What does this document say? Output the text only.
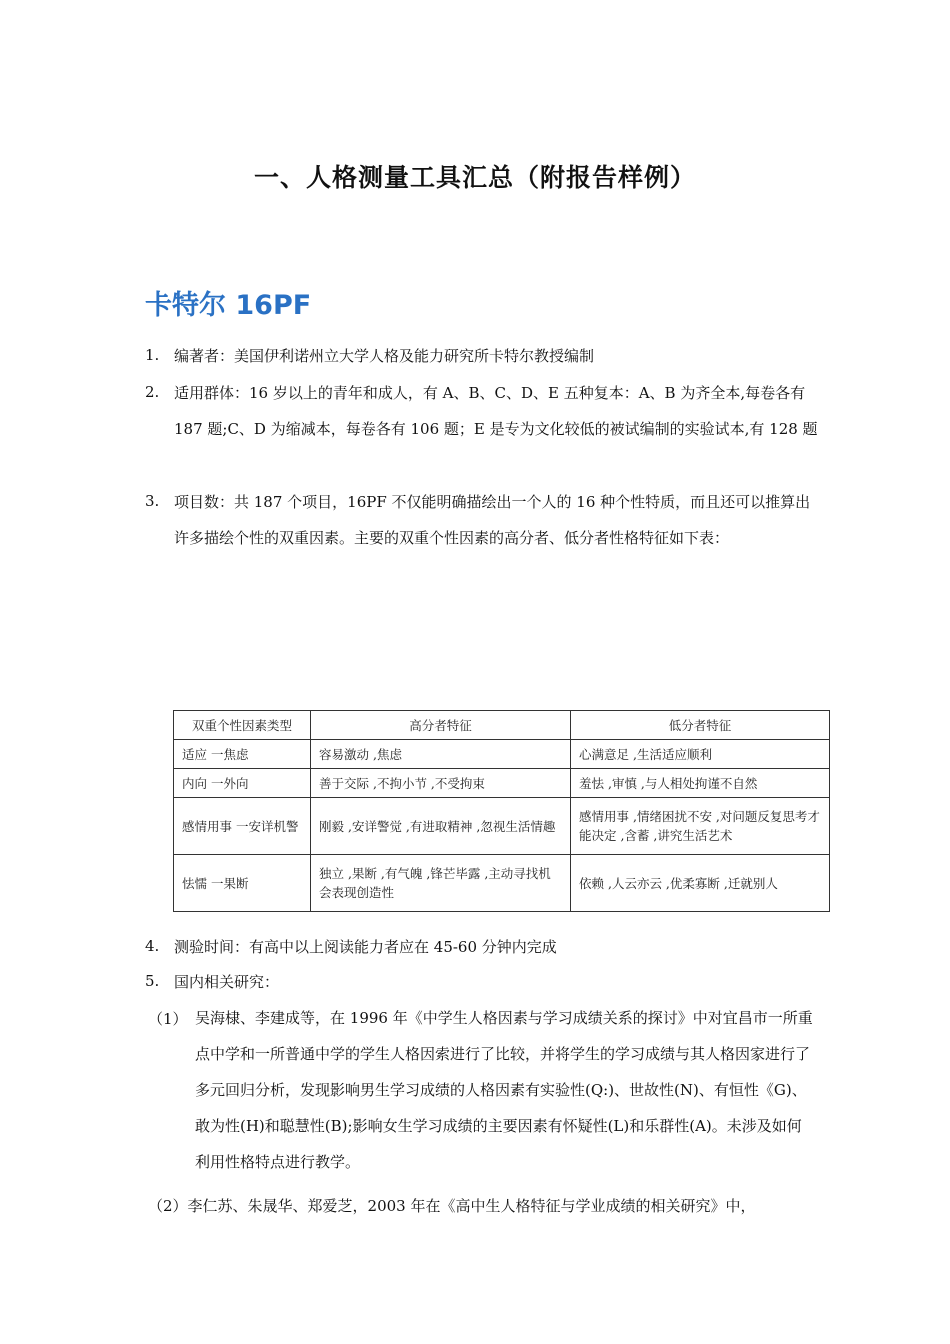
一、人格测量工具汇总（附报告样例）
卡特尔 16PF
1. 编著者：美国伊利诺州立大学人格及能力研究所卡特尔教授编制
2. 适用群体：16 岁以上的青年和成人，有 A、B、C、D、E 五种复本：A、B 为齐全本,每卷各有 187 题;C、D 为缩减本，每卷各有 106 题；E 是专为文化较低的被试编制的实验试本,有 128 题
3. 项目数：共 187 个项目，16PF 不仅能明确描绘出一个人的 16 种个性特质，而且还可以推算出许多描绘个性的双重因素。主要的双重个性因素的高分者、低分者性格特征如下表：
双重个性因素类型	高分者特征	低分者特征
适应 一焦虑	容易激动 ,焦虑	心满意足 ,生活适应顺利
内向 一外向	善于交际 ,不拘小节 ,不受拘束	羞怯 ,审慎 ,与人相处拘谨不自然
感情用事 一安详机警	刚毅 ,安详警觉 ,有进取精神 ,忽视生活情趣	感情用事 ,情绪困扰不安 ,对问题反复思考才能决定 ,含蓄 ,讲究生活艺术
怯懦 一果断	独立 ,果断 ,有气魄 ,锋芒毕露 ,主动寻找机会表现创造性	依赖 ,人云亦云 ,优柔寡断 ,迁就别人
4. 测验时间：有高中以上阅读能力者应在 45-60 分钟内完成
5. 国内相关研究：
（1） 吴海棣、李建成等，在 1996 年《中学生人格因素与学习成绩关系的探讨》中对宜昌市一所重点中学和一所普通中学的学生人格因索进行了比较，并将学生的学习成绩与其人格因家进行了多元回归分析，发现影响男生学习成绩的人格因素有实验性(Q:)、世故性(N)、有恒性《G)、敢为性(H)和聪慧性(B);影响女生学习成绩的主要因素有怀疑性(L)和乐群性(A)。未涉及如何利用性格特点进行教学。
（2）李仁苏、朱晟华、郑爱芝，2003 年在《高中生人格特征与学业成绩的相关研究》中，
